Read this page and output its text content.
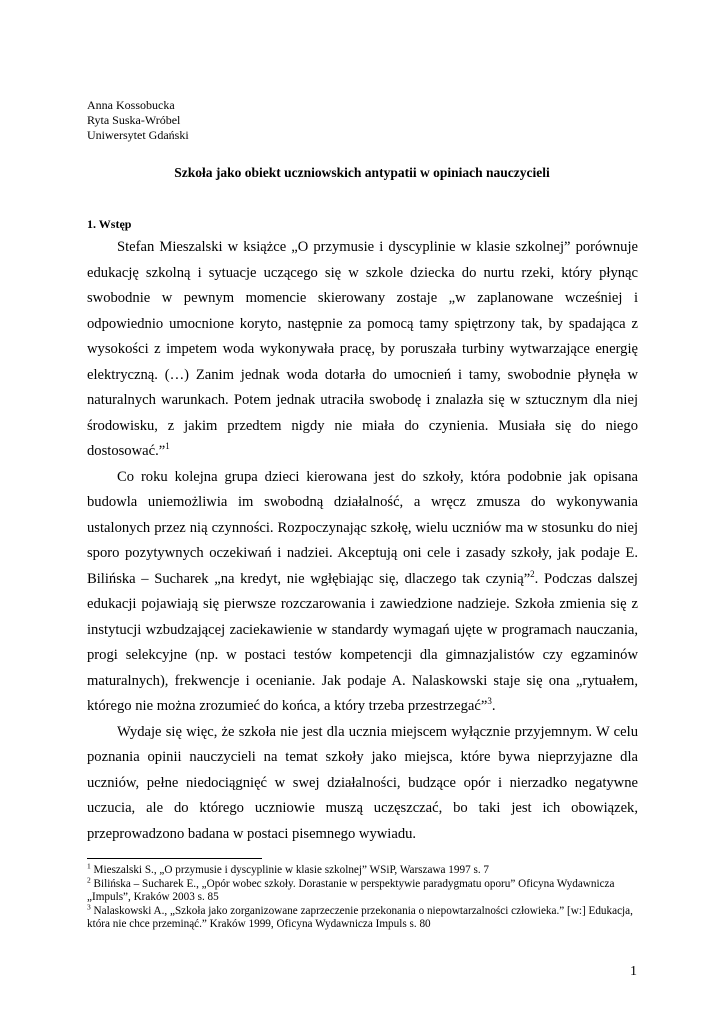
Anna Kossobucka
Ryta Suska-Wróbel
Uniwersytet Gdański
Szkoła jako obiekt uczniowskich antypatii w opiniach nauczycieli
1. Wstęp

Stefan Mieszalski w książce „O przymusie i dyscyplinie w klasie szkolnej” porównuje edukację szkolną i sytuacje uczącego się w szkole dziecka do nurtu rzeki, który płynąc swobodnie w pewnym momencie skierowany zostaje „w zaplanowane wcześniej i odpowiednio umocnione koryto, następnie za pomocą tamy spiętrzony tak, by spadająca z wysokości z impetem woda wykonywała pracę, by poruszała turbiny wytwarzające energię elektryczną. (…) Zanim jednak woda dotarła do umocnień i tamy, swobodnie płynęła w naturalnych warunkach. Potem jednak utraciła swobodę i znalazła się w sztucznym dla niej środowisku, z jakim przedtem nigdy nie miała do czynienia. Musiała się do niego dostosować.”$^1$

Co roku kolejna grupa dzieci kierowana jest do szkoły, która podobnie jak opisana budowla uniemożliwia im swobodną działalność, a wręcz zmusza do wykonywania ustalonych przez nią czynności. Rozpoczynając szkołę, wielu uczniów ma w stosunku do niej sporo pozytywnych oczekiwań i nadziei. Akceptują oni cele i zasady szkoły, jak podaje E. Bilińska – Sucharek „na kredyt, nie wgłębiając się, dlaczego tak czynią”$^2$. Podczas dalszej edukacji pojawiają się pierwsze rozczarowania i zawiedzione nadzieje. Szkoła zmienia się z instytucji wzbudzającej zaciekawienie w standardy wymagań ujęte w programach nauczania, progi selekcyjne (np. w postaci testów kompetencji dla gimnazjalistów czy egzaminów maturalnych), frekwencje i ocenianie. Jak podaje A. Nalaskowski staje się ona „rytuałem, którego nie można zrozumieć do końca, a który trzeba przestrzegać”$^3$.

Wydaje się więc, że szkoła nie jest dla ucznia miejscem wyłącznie przyjemnym. W celu poznania opinii nauczycieli na temat szkoły jako miejsca, które bywa nieprzyjazne dla uczniów, pełne niedociągnięć w swej działalności, budzące opór i nierzadko negatywne uczucia, ale do którego uczniowie muszą uczęszczać, bo taki jest ich obowiązek, przeprowadzono badana w postaci pisemnego wywiadu.

$^1$ Mieszalski S., „O przymusie i dyscyplinie w klasie szkolnej” WSiP, Warszawa 1997 s. 7

$^2$ Bilińska – Sucharek E., „Opór wobec szkoły. Dorastanie w perspektywie paradygmatu oporu” Oficyna Wydawnicza „Impuls”, Kraków 2003 s. 85

$^3$ Nalaskowski A., „Szkoła jako zorganizowane zaprzeczenie przekonania o niepowtarzalności człowieka.” [w:] Edukacja, która nie chce przeminąć.” Kraków 1999, Oficyna Wydawnicza Impuls s. 80

1
